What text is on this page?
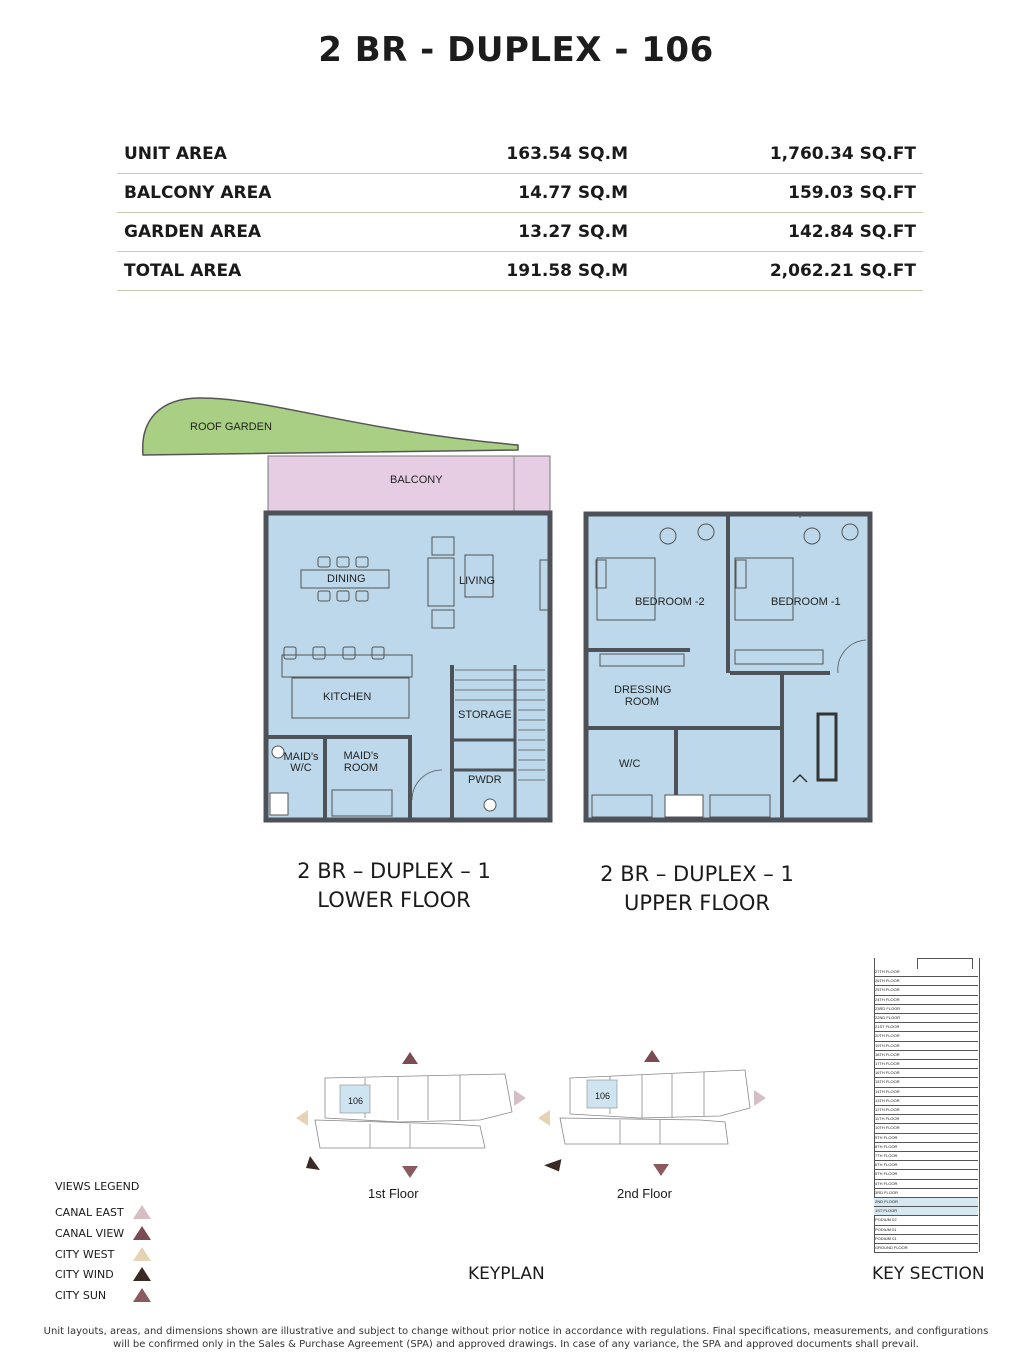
2 BR - DUPLEX - 106
UNIT AREA	163.54 SQ.M	1,760.34 SQ.FT
BALCONY AREA	14.77 SQ.M	159.03 SQ.FT
GARDEN AREA	13.27 SQ.M	142.84 SQ.FT
TOTAL AREA	191.58 SQ.M	2,062.21 SQ.FT
ROOF GARDEN
BALCONY
DINING	LIVING
KITCHEN
STORAGE
MAID's W/C
MAID's ROOM
PWDR
BEDROOM -2	BEDROOM -1
DRESSING ROOM
W/C
2 BR – DUPLEX – 1
LOWER FLOOR
2 BR – DUPLEX – 1
UPPER FLOOR
106	106
1st Floor	2nd Floor
KEYPLAN
VIEWS LEGEND
CANAL EAST
CANAL VIEW
CITY WEST
CITY WIND
CITY SUN
27TH FLOOR
26TH FLOOR
25TH FLOOR
24TH FLOOR
23RD FLOOR
22ND FLOOR
21ST FLOOR
20TH FLOOR
19TH FLOOR
18TH FLOOR
17TH FLOOR
16TH FLOOR
15TH FLOOR
14TH FLOOR
13TH FLOOR
12TH FLOOR
11TH FLOOR
10TH FLOOR
9TH FLOOR
8TH FLOOR
7TH FLOOR
6TH FLOOR
5TH FLOOR
4TH FLOOR
3RD FLOOR
2ND FLOOR
1ST FLOOR
PODIUM 02
PODIUM 01
PODIUM 01
GROUND FLOOR
KEY SECTION
Unit layouts, areas, and dimensions shown are illustrative and subject to change without prior notice in accordance with regulations. Final specifications, measurements, and configurations will be confirmed only in the Sales & Purchase Agreement (SPA) and approved drawings. In case of any variance, the SPA and approved documents shall prevail.
